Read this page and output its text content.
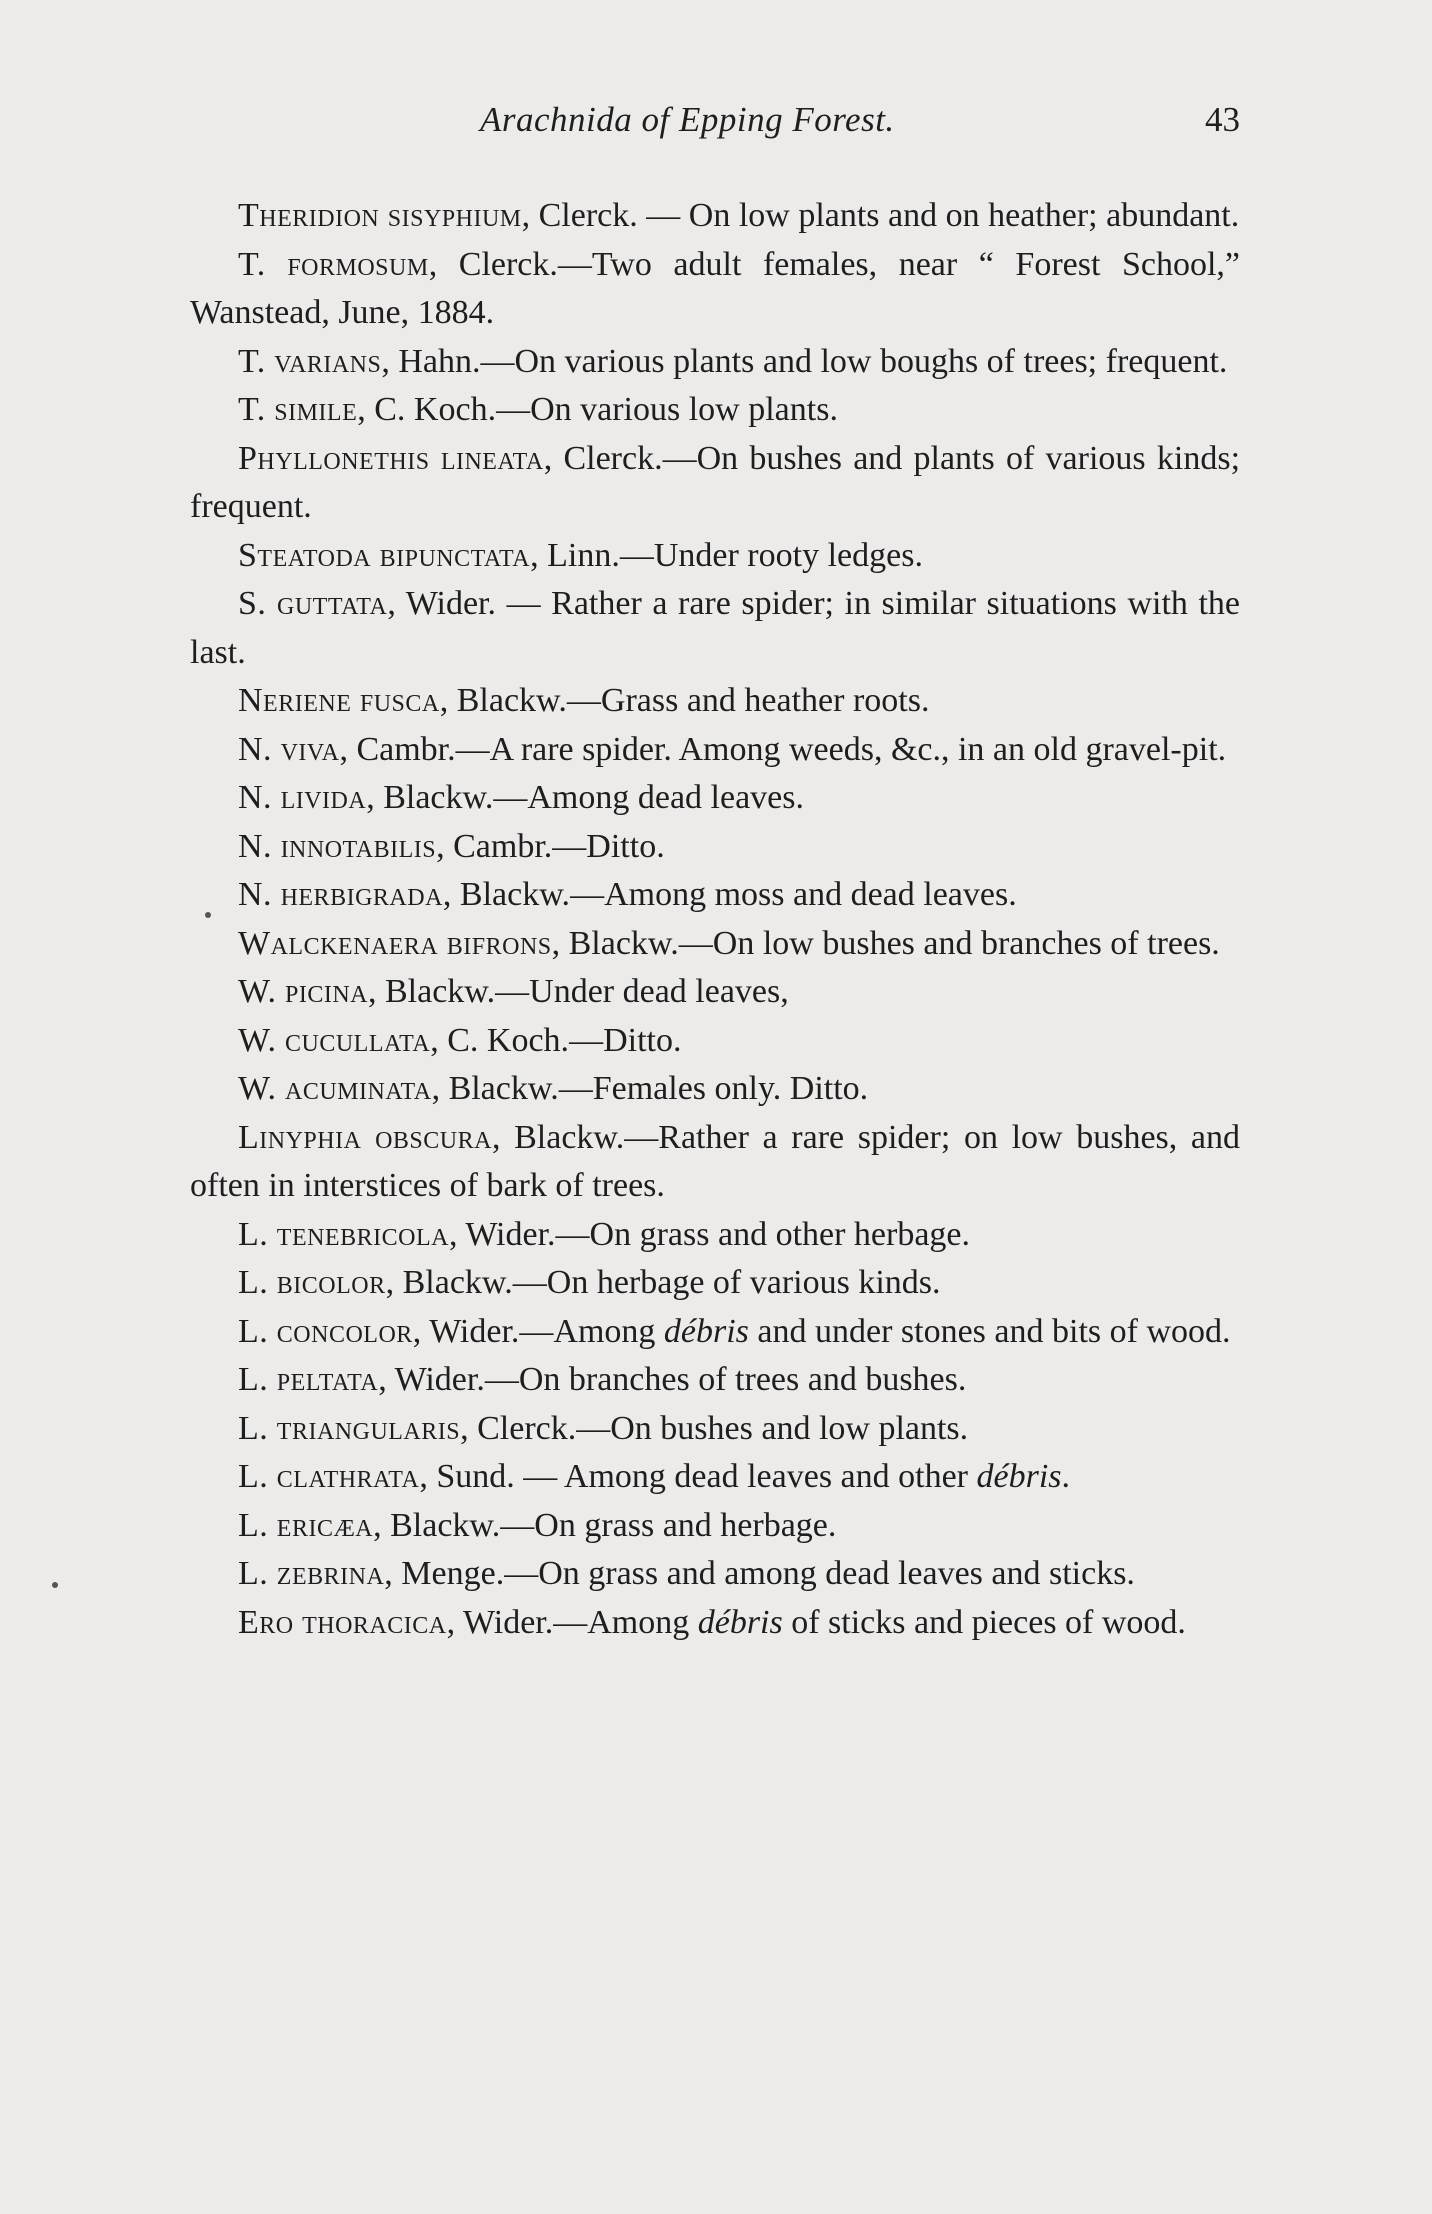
Arachnida of Epping Forest.	43

Theridion sisyphium, Clerck. — On low plants and on heather; abundant.

T. formosum, Clerck.—Two adult females, near “ Forest School,” Wanstead, June, 1884.

T. varians, Hahn.—On various plants and low boughs of trees; frequent.

T. simile, C. Koch.—On various low plants.

Phyllonethis lineata, Clerck.—On bushes and plants of various kinds; frequent.

Steatoda bipunctata, Linn.—Under rooty ledges.

S. guttata, Wider. — Rather a rare spider; in similar situations with the last.

Neriene fusca, Blackw.—Grass and heather roots.

N. viva, Cambr.—A rare spider. Among weeds, &c., in an old gravel-pit.

N. livida, Blackw.—Among dead leaves.

N. innotabilis, Cambr.—Ditto.

N. herbigrada, Blackw.—Among moss and dead leaves.

Walckenaera bifrons, Blackw.—On low bushes and branches of trees.

W. picina, Blackw.—Under dead leaves,

W. cucullata, C. Koch.—Ditto.

W. acuminata, Blackw.—Females only. Ditto.

Linyphia obscura, Blackw.—Rather a rare spider; on low bushes, and often in interstices of bark of trees.

L. tenebricola, Wider.—On grass and other herbage.

L. bicolor, Blackw.—On herbage of various kinds.

L. concolor, Wider.—Among débris and under stones and bits of wood.

L. peltata, Wider.—On branches of trees and bushes.

L. triangularis, Clerck.—On bushes and low plants.

L. clathrata, Sund. — Among dead leaves and other débris.

L. ericæa, Blackw.—On grass and herbage.

L. zebrina, Menge.—On grass and among dead leaves and sticks.

Ero thoracica, Wider.—Among débris of sticks and pieces of wood.
